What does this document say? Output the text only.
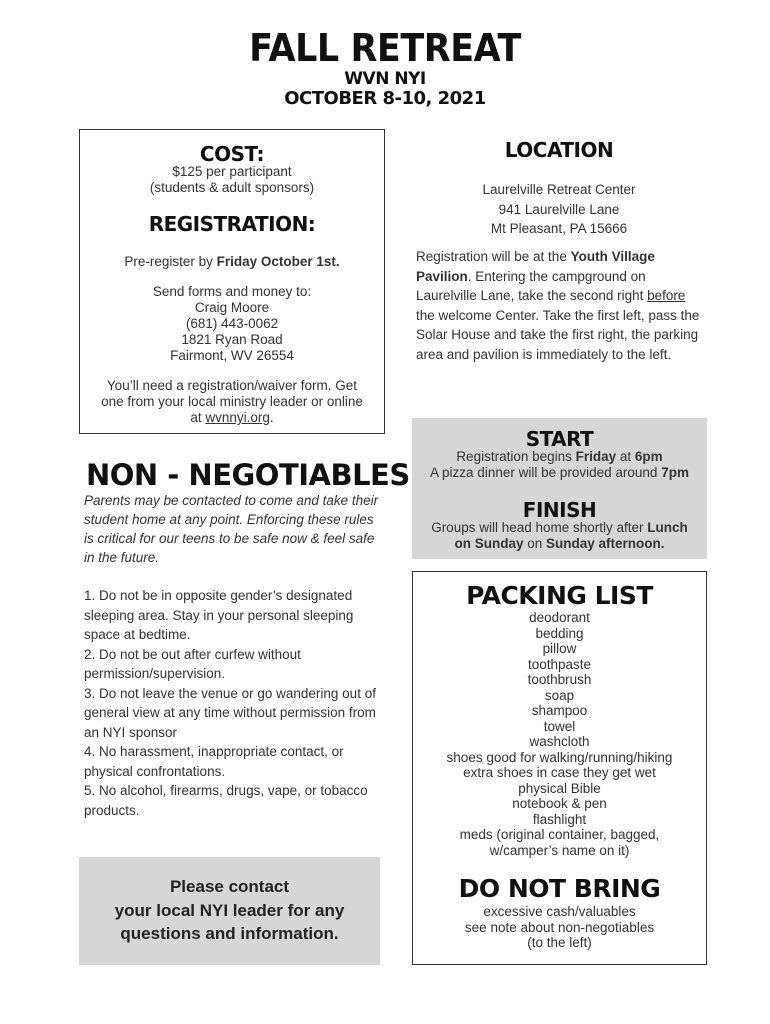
FALL RETREAT
WVN NYI
OCTOBER 8-10, 2021
COST:

$125 per participant

(students & adult sponsors)

REGISTRATION:
Pre-register by Friday October 1st.

Send forms and money to:

Craig Moore

(681) 443-0062

1821 Ryan Road

Fairmont, WV 26554

You’ll need a registration/waiver form. Get

one from your local ministry leader or online

at wvnnyi.org.

LOCATION

Laurelville Retreat Center

941 Laurelville Lane

Mt Pleasant, PA 15666

Registration will be at the Youth Village Pavilion. Entering the campground on Laurelville Lane, take the second right before the welcome Center. Take the first left, pass the Solar House and take the first right, the parking area and pavilion is immediately to the left.
START

Registration begins Friday at 6pm

A pizza dinner will be provided around 7pm

FINISH

Groups will head home shortly after Lunch

on Sunday on Sunday afternoon.

NON - NEGOTIABLES
Parents may be contacted to come and take their student home at any point. Enforcing these rules is critical for our teens to be safe now & feel safe in the future.

1. Do not be in opposite gender’s designated sleeping area. Stay in your personal sleeping space at bedtime.

2. Do not be out after curfew without permission/supervision.

3. Do not leave the venue or go wandering out of general view at any time without permission from an NYI sponsor

4. No harassment, inappropriate contact, or physical confrontations.

5. No alcohol, firearms, drugs, vape, or tobacco products.

Please contact

your local NYI leader for any

questions and information.

PACKING LIST
deodorant
bedding
pillow
toothpaste
toothbrush
soap
shampoo
towel
washcloth
shoes good for walking/running/hiking
extra shoes in case they get wet
physical Bible
notebook & pen
flashlight
meds (original container, bagged,
w/camper’s name on it)
DO NOT BRING
excessive cash/valuables
see note about non-negotiables
(to the left)
